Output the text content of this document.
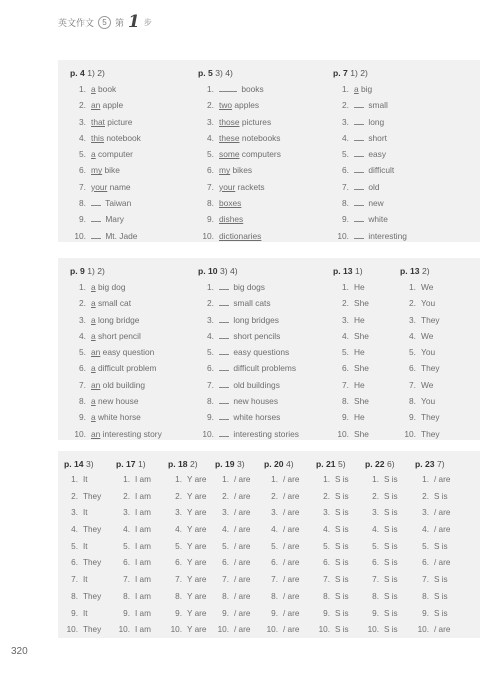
英文作文	5 第 1 步
p. 4 1) 2)
1. a book
2. an apple
3. that picture
4. this notebook
5. a computer
6. my bike
7. your name
8. Taiwan
9. Mary
10. Mt. Jade
p. 5 3) 4)
1.	books
2. two apples
3. those pictures
4. these notebooks
5. some computers
6. my bikes
7. your rackets
8. boxes
9. dishes
10. dictionaries
p. 7 1) 2)
1. a big
2. small
3. long
4. short
5. easy
6. difficult
7. old
8. new
9. white
10. interesting
p. 9 1) 2)
1. a big dog
2. a small cat
3. a long bridge
4. a short pencil
5. an easy question
6. a difficult problem
7. an old building
8. a new house
9. a white horse
10. an interesting story
p. 10 3) 4)
1. big dogs
2. small cats
3. long bridges
4. short pencils
5. easy questions
6. difficult problems
7. old buildings
8. new houses
9. white horses
10. interesting stories
p. 13 1)
1. He
2. She
3. He
4. She
5. He
6. She
7. He
8. She
9. He
10. She
p. 13 2)
1. We
2. You
3. They
4. We
5. You
6. They
7. We
8. You
9. They
10. They
p. 14 3)
1. It
2. They
3. It
4. They
5. It
6. They
7. It
8. They
9. It
10. They
p. 17 1)
1. I am
2. I am
3. I am
4. I am
5. I am
6. I am
7. I am
8. I am
9. I am
10. I am
p. 18 2)
1. Y are
2. Y are
3. Y are
4. Y are
5. Y are
6. Y are
7. Y are
8. Y are
9. Y are
10. Y are
p. 19 3)
1. / are
2. / are
3. / are
4. / are
5. / are
6. / are
7. / are
8. / are
9. / are
10. / are
p. 20 4)
1. / are
2. / are
3. / are
4. / are
5. / are
6. / are
7. / are
8. / are
9. / are
10. / are
p. 21 5)
1. S is
2. S is
3. S is
4. S is
5. S is
6. S is
7. S is
8. S is
9. S is
10. S is
p. 22 6)
1. S is
2. S is
3. S is
4. S is
5. S is
6. S is
7. S is
8. S is
9. S is
10. S is
p. 23 7)
1. / are
2. S is
3. / are
4. / are
5. S is
6. / are
7. S is
8. S is
9. S is
10. / are
320
